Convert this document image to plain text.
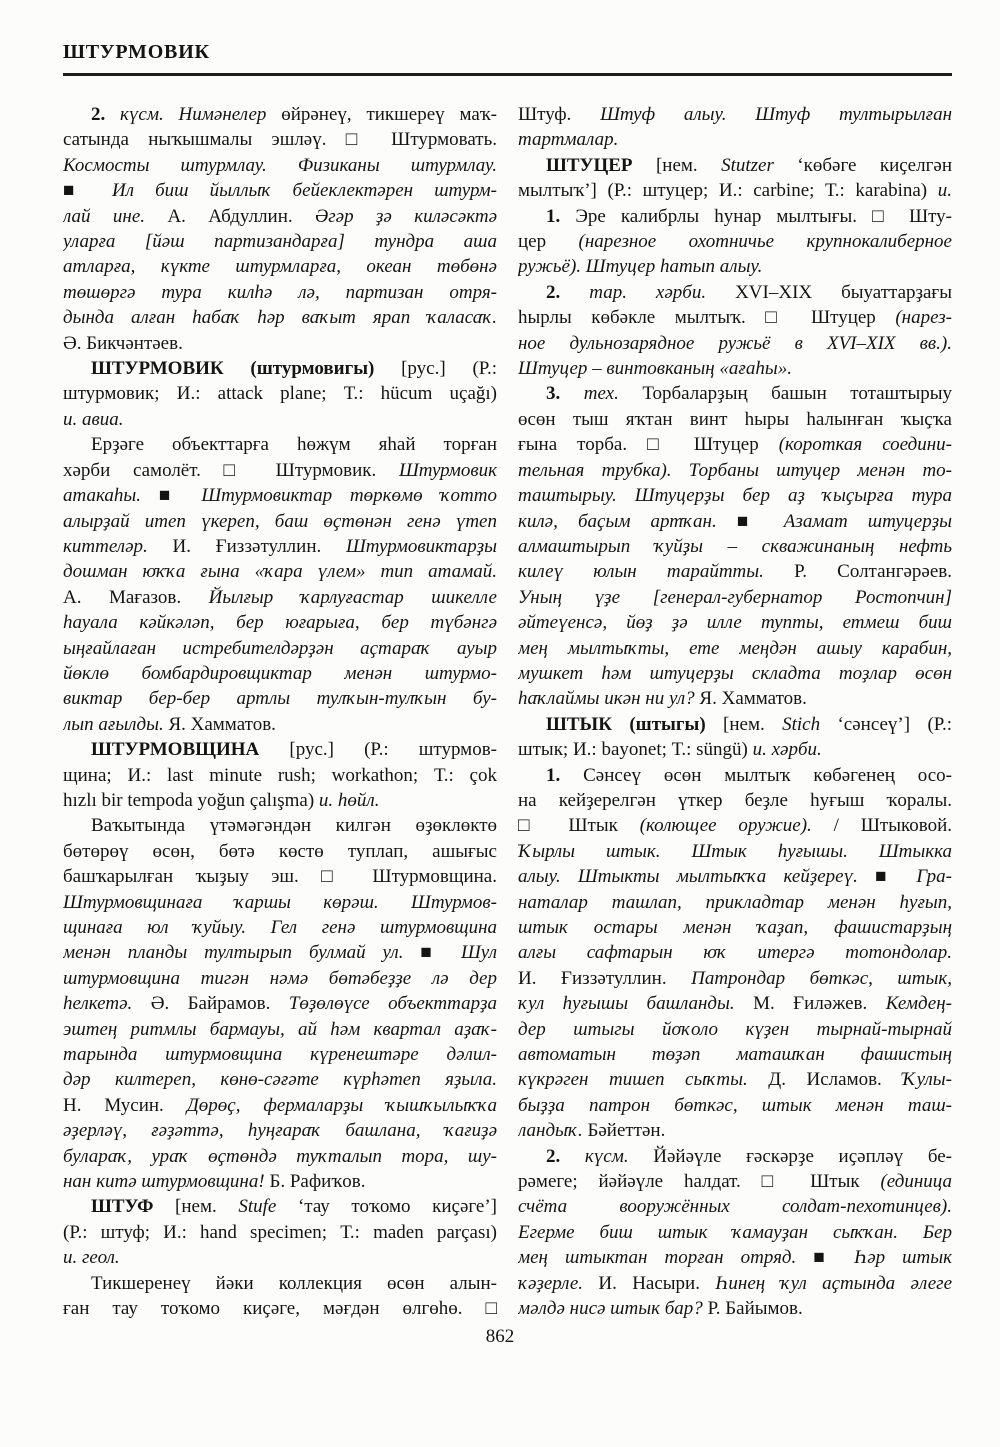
ШТУРМОВИК
2. күсм. Нимәнелер өйрәнеү, тикшереү маҡ-
сатында ныҡышмалы эшләү. □ Штурмовать.
Космосты штурмлау. Физиканы штурмлау.
■ Ил биш йыллыҡ бейеклектәрен штурм-
лай ине. А. Абдуллин. Әгәр ҙә киләсәктә
уларға [йәш партизандарға] тундра аша
атларға, күкте штурмларға, океан төбөнә
төшөргә тура килһә лә, партизан отря-
дында алған һабаҡ һәр ваҡыт ярап ҡаласаҡ.
Ә. Бикчәнтәев.
ШТУРМОВИК (штурмовигы) [рус.] (Р.:
штурмовик; И.: attack plane; Т.: hücum uçağı)
и. авиа.
Ерҙәге объекттарға һөжүм яһай торған
хәрби самолёт. □ Штурмовик. Штурмовик
атакаһы. ■ Штурмовиктар төркөмө ҡотто
алырҙай итеп үкереп, баш өҫтөнән генә үтеп
киттеләр. И. Ғиззәтуллин. Штурмовиктарҙы
дошман юҡҡа ғына «ҡара үлем» тип атамай.
А. Мағазов. Йылғыр ҡарлуғастар шикелле
һауала кәйкәләп, бер юғарыға, бер түбәнгә
ыңғайлаған истребителдәрҙән аҫтараҡ ауыр
йөклө бомбардировщиктар менән штурмо-
виктар бер-бер артлы тулҡын-тулҡын бу-
лып ағылды. Я. Хамматов.
ШТУРМОВЩИНА [рус.] (Р.: штурмов-
щина; И.: last minute rush; workathon; Т.: çok
hızlı bir tempoda yoğun çalışma) и. һөйл.
Ваҡытында үтәмәгәндән килгән өҙөклөктө
бөтөрөү өсөн, бөтә көстө туплап, ашығыс
башҡарылған ҡыҙыу эш. □ Штурмовщина.
Штурмовщинаға ҡаршы көрәш. Штурмов-
щинаға юл ҡуйыу. Гел генә штурмовщина
менән планды тултырып булмай ул. ■ Шул
штурмовщина тигән нәмә бөтәбеҙҙе лә дер
һелкетә. Ә. Байрамов. Төҙөлөүсе объекттарҙа
эштең ритмлы бармауы, ай һәм квартал аҙаҡ-
тарында штурмовщина күренештәре дәлил-
дәр килтереп, көнө-сәғәте күрһәтеп яҙыла.
Н. Мусин. Дөрөҫ, фермаларҙы ҡышҡылыҡҡа
әҙерләү, ғәҙәттә, һуңғараҡ башлана, ҡағиҙә
булараҡ, ураҡ өҫтөндә туҡталып тора, шу-
нан китә штурмовщина! Б. Рафиҡов.
ШТУФ [нем. Stufe ‘тау тоҡомо киҫәге’]
(Р.: штуф; И.: hand specimen; Т.: maden parçası)
и. геол.
Тикшеренеү йәки коллекция өсөн алын-
ған тау тоҡомо киҫәге, мәғдән өлгөһө. □
Штуф. Штуф алыу. Штуф тултырылған
тартмалар.
ШТУЦЕР [нем. Stutzer ‘көбәге киҫелгән
мылтыҡ’] (Р.: штуцер; И.: carbine; Т.: karabina) и.
1. Эре калибрлы һунар мылтығы. □ Шту-
цер (нарезное охотничье крупнокалиберное
ружьё). Штуцер һатып алыу.
2. тар. хәрби. XVI–XIX быуаттарҙағы
һырлы көбәкле мылтыҡ. □ Штуцер (нарез-
ное дульнозарядное ружьё в XVI–XIX вв.).
Штуцер – винтовканың «ағаһы».
3. тех. Торбаларҙың башын тоташтырыу
өсөн тыш яҡтан винт һыры һалынған ҡыҫҡа
ғына торба. □ Штуцер (короткая соедини-
тельная трубка). Торбаны штуцер менән то-
таштырыу. Штуцерҙы бер аҙ ҡыҫырға тура
килә, баҫым артҡан. ■ Азамат штуцерҙы
алмаштырып ҡуйҙы – скважинаның нефть
килеү юлын тарайтты. Р. Солтангәрәев.
Уның үҙе [генерал-губернатор Ростопчин]
әйтеүенсә, йөҙ ҙә илле тупты, етмеш биш
мең мылтыҡты, ете меңдән ашыу карабин,
мушкет һәм штуцерҙы складта тоҙлар өсөн
һаҡлаймы икән ни ул? Я. Хамматов.
ШТЫК (штыгы) [нем. Stich ‘сәнсеү’] (Р.:
штык; И.: bayonet; Т.: süngü) и. хәрби.
1. Сәнсеү өсөн мылтыҡ көбәгенең осо-
на кейҙерелгән үткер беҙле һуғыш ҡоралы.
□ Штык (колющее оружие). / Штыковой.
Ҡырлы штык. Штык һуғышы. Штыкка
алыу. Штыкты мылтыҡҡа кейҙереү. ■ Гра-
наталар ташлап, прикладтар менән һуғып,
штык остары менән ҡаҙап, фашистарҙың
алғы сафтарын юҡ итергә тотондолар.
И. Ғиззәтуллин. Патрондар бөткәс, штык,
ҡул һуғышы башланды. М. Ғиләжев. Кемдең-
дер штыгы йоҡоло күҙен тырнай-тырнай
автоматын төҙәп маташҡан фашистың
күкрәген тишеп сыҡты. Д. Исламов. Ҡулы-
быҙҙа патрон бөткәс, штык менән таш-
ландыҡ. Бәйеттән.
2. күсм. Йәйәүле ғәскәрҙе иҫәпләү бе-
рәмеге; йәйәүле һалдат. □ Штык (единица
счёта вооружённых солдат-пехотинцев).
Егерме биш штык ҡамауҙан сыҡҡан. Бер
мең штыктан торған отряд. ■ Һәр штык
ҡәҙерле. И. Насыри. Һинең ҡул аҫтында әлеге
мәлдә нисә штык бар? Р. Байымов.
862
